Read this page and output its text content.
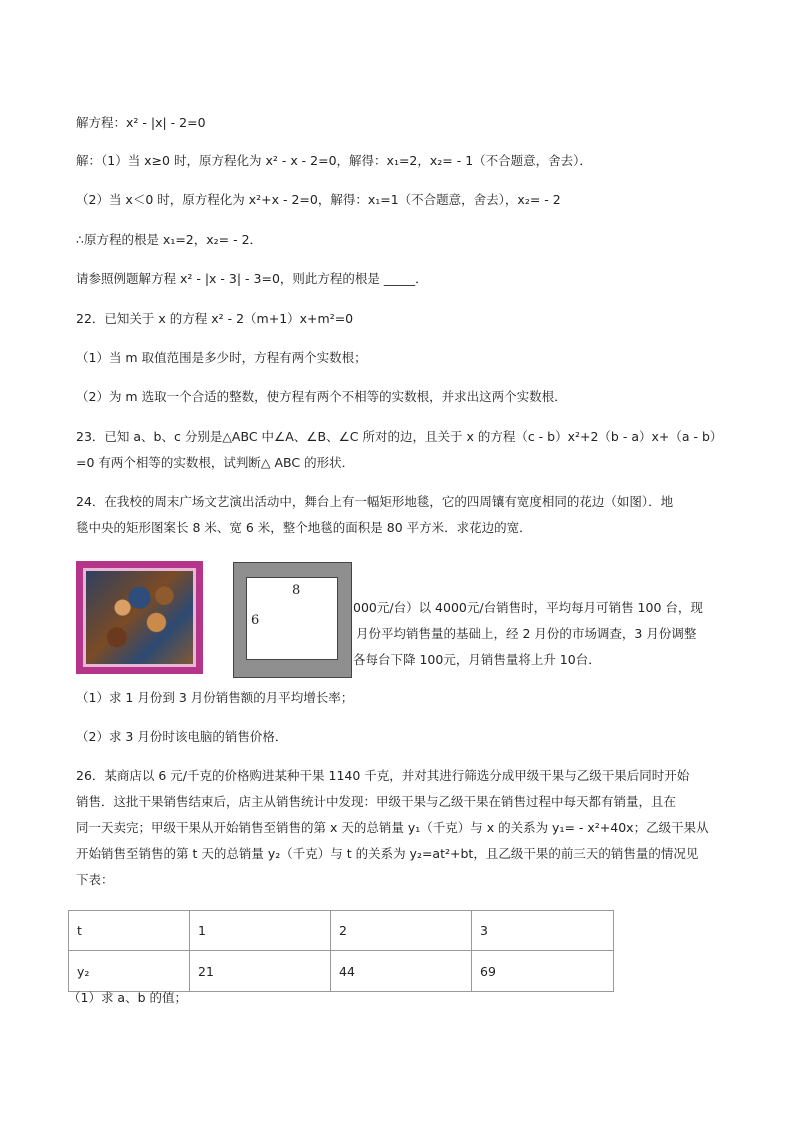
解方程：x² - |x| - 2=0
解：（1）当 x≥0 时，原方程化为 x² - x - 2=0，解得：x₁=2，x₂= - 1（不合题意，舍去）．
（2）当 x＜0 时，原方程化为 x²+x - 2=0，解得：x₁=1（不合题意，舍去），x₂= - 2
∴原方程的根是 x₁=2，x₂= - 2．
请参照例题解方程 x² - |x - 3| - 3=0，则此方程的根是 _____．
22．已知关于 x 的方程 x² - 2（m+1）x+m²=0
（1）当 m 取值范围是多少时，方程有两个实数根；
（2）为 m 选取一个合适的整数，使方程有两个不相等的实数根，并求出这两个实数根．
23．已知 a、b、c 分别是△ABC 中∠A、∠B、∠C 所对的边，且关于 x 的方程（c - b）x²+2（b - a）x+（a - b）
=0 有两个相等的实数根，试判断△ ABC 的形状．
24．在我校的周末广场文艺演出活动中，舞台上有一幅矩形地毯，它的四周镶有宽度相同的花边（如图）．地
毯中央的矩形图案长 8 米、宽 6 米，整个地毯的面积是 80 平方米．求花边的宽．
8
6
000元/台）以 4000元/台销售时，平均每月可销售 100 台，现
月份平均销售量的基础上，经 2 月份的市场调查，3 月份调整
各每台下降 100元，月销售量将上升 10台．
（1）求 1 月份到 3 月份销售额的月平均增长率；
（2）求 3 月份时该电脑的销售价格．
26．某商店以 6 元/千克的价格购进某种干果 1140 千克，并对其进行筛选分成甲级干果与乙级干果后同时开始
销售．这批干果销售结束后，店主从销售统计中发现：甲级干果与乙级干果在销售过程中每天都有销量，且在
同一天卖完；甲级干果从开始销售至销售的第 x 天的总销量 y₁（千克）与 x 的关系为 y₁= - x²+40x；乙级干果从
开始销售至销售的第 t 天的总销量 y₂（千克）与 t 的关系为 y₂=at²+bt，且乙级干果的前三天的销售量的情况见
下表：
t	1	2	3
y₂	21	44	69
（1）求 a、b 的值；
